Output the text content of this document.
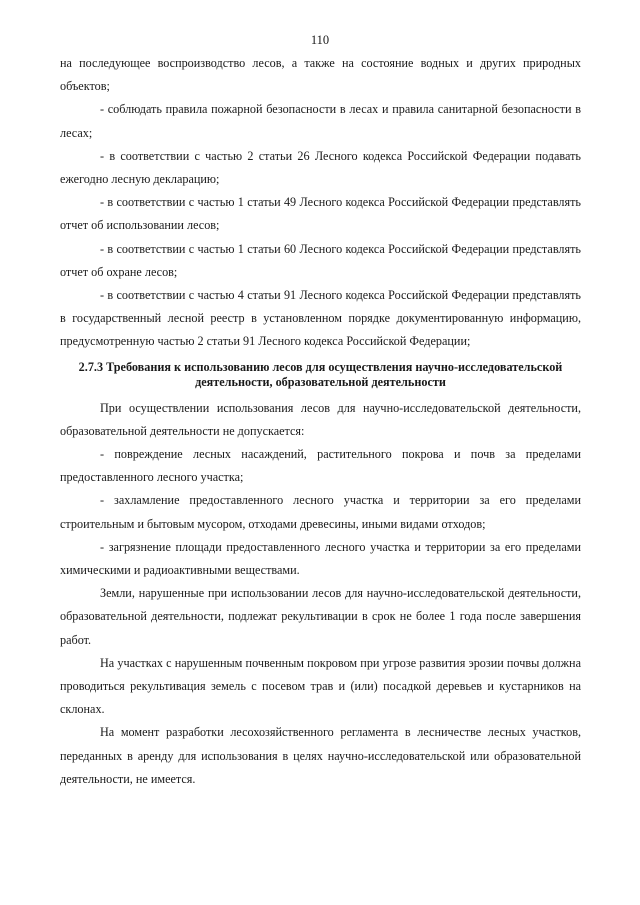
110

на последующее воспроизводство лесов, а также на состояние водных и других природных объектов;

- соблюдать правила пожарной безопасности в лесах и правила санитарной безопасности в лесах;

- в соответствии с частью 2 статьи 26 Лесного кодекса Российской Федерации подавать ежегодно лесную декларацию;

- в соответствии с частью 1 статьи 49 Лесного кодекса Российской Федерации представлять отчет об использовании лесов;

- в соответствии с частью 1 статьи 60 Лесного кодекса Российской Федерации представлять отчет об охране лесов;

- в соответствии с частью 4 статьи 91 Лесного кодекса Российской Федерации представлять в государственный лесной реестр в установленном порядке документированную информацию, предусмотренную частью 2 статьи 91 Лесного кодекса Российской Федерации;

2.7.3 Требования к использованию лесов для осуществления научно-исследовательской деятельности, образовательной деятельности

При осуществлении использования лесов для научно-исследовательской деятельности, образовательной деятельности не допускается:

- повреждение лесных насаждений, растительного покрова и почв за пределами предоставленного лесного участка;

- захламление предоставленного лесного участка и территории за его пределами строительным и бытовым мусором, отходами древесины, иными видами отходов;

- загрязнение площади предоставленного лесного участка и территории за его пределами химическими и радиоактивными веществами.

Земли, нарушенные при использовании лесов для научно-исследовательской деятельности, образовательной деятельности, подлежат рекультивации в срок не более 1 года после завершения работ.

На участках с нарушенным почвенным покровом при угрозе развития эрозии почвы должна проводиться рекультивация земель с посевом трав и (или) посадкой деревьев и кустарников на склонах.

На момент разработки лесохозяйственного регламента в лесничестве лесных участков, переданных в аренду для использования в целях научно-исследовательской или образовательной деятельности, не имеется.
